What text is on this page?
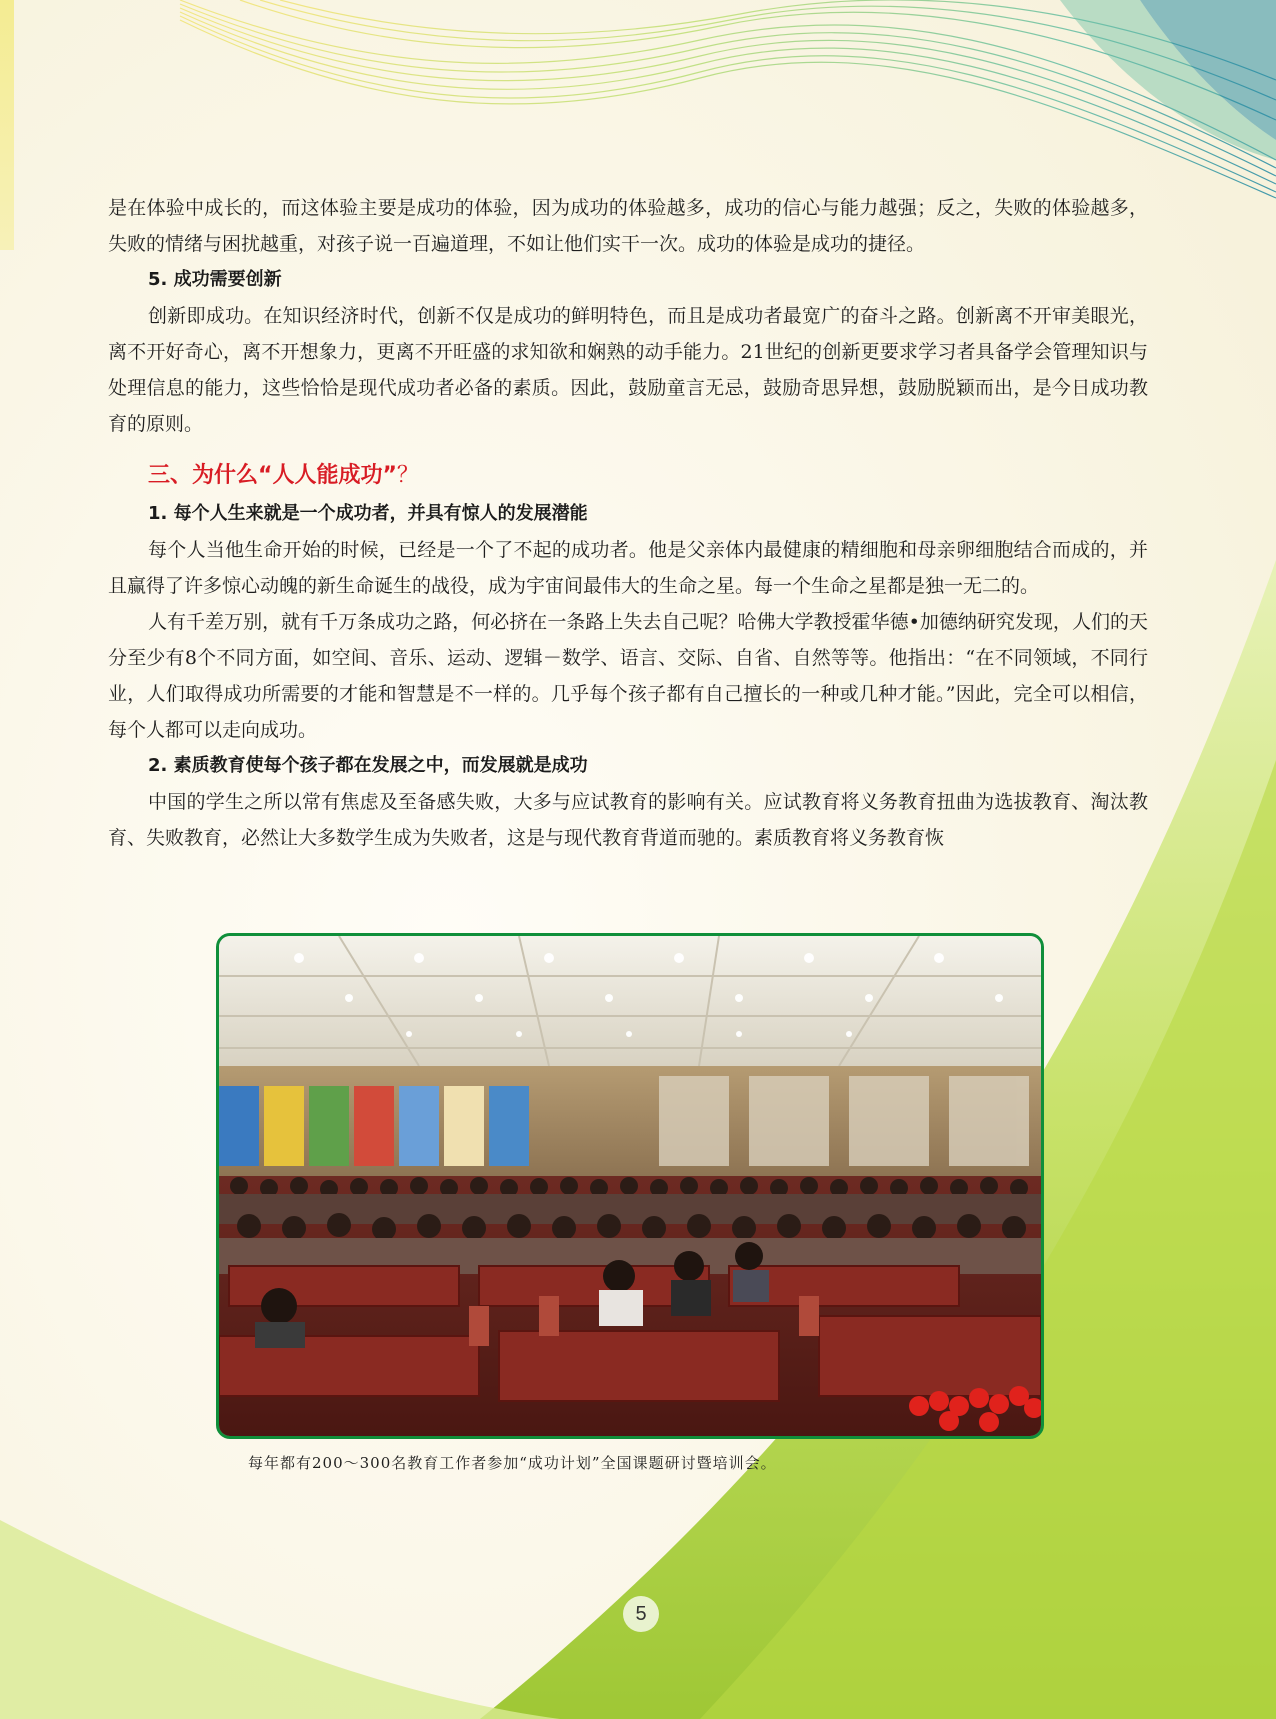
是在体验中成长的，而这体验主要是成功的体验，因为成功的体验越多，成功的信心与能力越强；反之，失败的体验越多，失败的情绪与困扰越重，对孩子说一百遍道理，不如让他们实干一次。成功的体验是成功的捷径。

5. 成功需要创新

创新即成功。在知识经济时代，创新不仅是成功的鲜明特色，而且是成功者最宽广的奋斗之路。创新离不开审美眼光，离不开好奇心，离不开想象力，更离不开旺盛的求知欲和娴熟的动手能力。21世纪的创新更要求学习者具备学会管理知识与处理信息的能力，这些恰恰是现代成功者必备的素质。因此，鼓励童言无忌，鼓励奇思异想，鼓励脱颖而出，是今日成功教育的原则。

三、为什么“人人能成功”？

1. 每个人生来就是一个成功者，并具有惊人的发展潜能

每个人当他生命开始的时候，已经是一个了不起的成功者。他是父亲体内最健康的精细胞和母亲卵细胞结合而成的，并且赢得了许多惊心动魄的新生命诞生的战役，成为宇宙间最伟大的生命之星。每一个生命之星都是独一无二的。

人有千差万别，就有千万条成功之路，何必挤在一条路上失去自己呢？哈佛大学教授霍华德•加德纳研究发现，人们的天分至少有8个不同方面，如空间、音乐、运动、逻辑－数学、语言、交际、自省、自然等等。他指出：“在不同领域，不同行业，人们取得成功所需要的才能和智慧是不一样的。几乎每个孩子都有自己擅长的一种或几种才能。”因此，完全可以相信，每个人都可以走向成功。

2. 素质教育使每个孩子都在发展之中，而发展就是成功

中国的学生之所以常有焦虑及至备感失败，大多与应试教育的影响有关。应试教育将义务教育扭曲为选拔教育、淘汰教育、失败教育，必然让大多数学生成为失败者，这是与现代教育背道而驰的。素质教育将义务教育恢

每年都有200～300名教育工作者参加“成功计划”全国课题研讨暨培训会。
5
